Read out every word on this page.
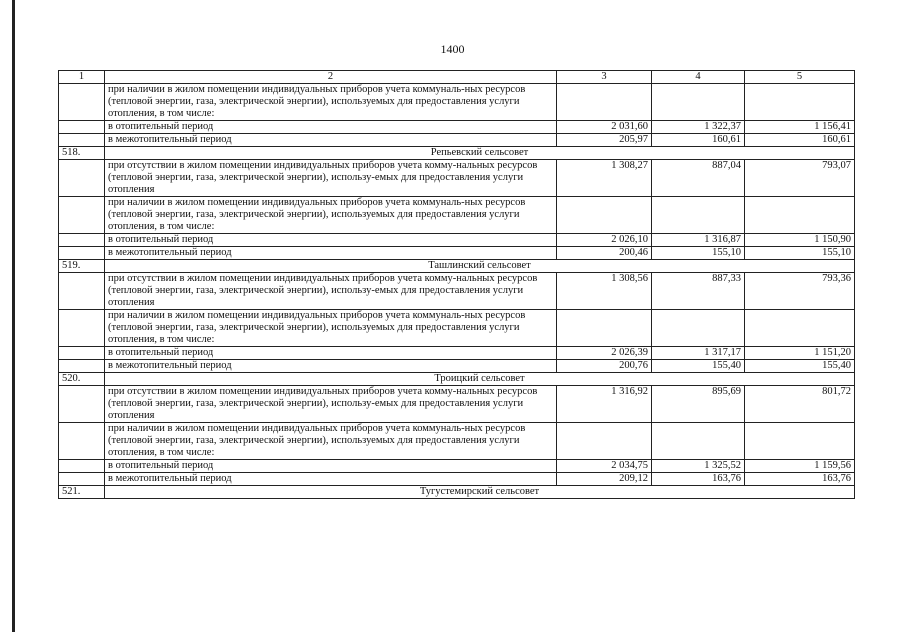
1400
1	2	3	4	5
	при наличии в жилом помещении индивидуальных приборов учета коммуналь-ных ресурсов (тепловой энергии, газа, электрической энергии), используемых для предоставления услуги отопления, в том числе:			
	в отопительный период	2 031,60	1 322,37	1 156,41
	в межотопительный период	205,97	160,61	160,61
518.	Репьевский сельсовет			
	при отсутствии в жилом помещении индивидуальных приборов учета комму-нальных ресурсов (тепловой энергии, газа, электрической энергии), использу-емых для предоставления услуги отопления	1 308,27	887,04	793,07
	при наличии в жилом помещении индивидуальных приборов учета коммуналь-ных ресурсов (тепловой энергии, газа, электрической энергии), используемых для предоставления услуги отопления, в том числе:			
	в отопительный период	2 026,10	1 316,87	1 150,90
	в межотопительный период	200,46	155,10	155,10
519.	Ташлинский сельсовет			
	при отсутствии в жилом помещении индивидуальных приборов учета комму-нальных ресурсов (тепловой энергии, газа, электрической энергии), использу-емых для предоставления услуги отопления	1 308,56	887,33	793,36
	при наличии в жилом помещении индивидуальных приборов учета коммуналь-ных ресурсов (тепловой энергии, газа, электрической энергии), используемых для предоставления услуги отопления, в том числе:			
	в отопительный период	2 026,39	1 317,17	1 151,20
	в межотопительный период	200,76	155,40	155,40
520.	Троицкий сельсовет			
	при отсутствии в жилом помещении индивидуальных приборов учета комму-нальных ресурсов (тепловой энергии, газа, электрической энергии), использу-емых для предоставления услуги отопления	1 316,92	895,69	801,72
	при наличии в жилом помещении индивидуальных приборов учета коммуналь-ных ресурсов (тепловой энергии, газа, электрической энергии), используемых для предоставления услуги отопления, в том числе:			
	в отопительный период	2 034,75	1 325,52	1 159,56
	в межотопительный период	209,12	163,76	163,76
521.	Тугустемирский сельсовет			
